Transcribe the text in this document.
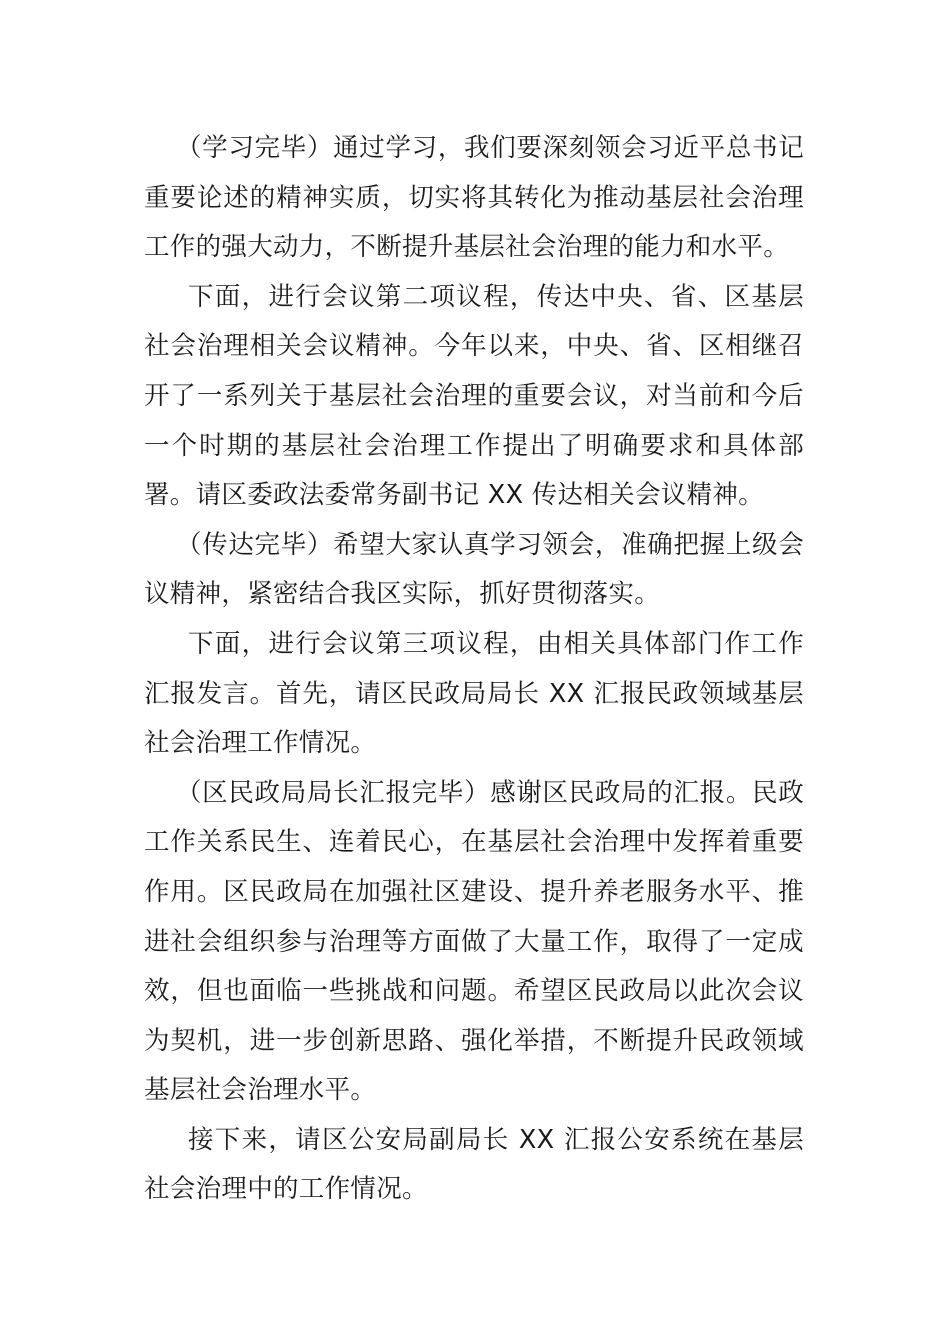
（学习完毕）通过学习，我们要深刻领会习近平总书记重要论述的精神实质，切实将其转化为推动基层社会治理工作的强大动力，不断提升基层社会治理的能力和水平。

下面，进行会议第二项议程，传达中央、省、区基层社会治理相关会议精神。今年以来，中央、省、区相继召开了一系列关于基层社会治理的重要会议，对当前和今后一个时期的基层社会治理工作提出了明确要求和具体部署。请区委政法委常务副书记 XX 传达相关会议精神。

（传达完毕）希望大家认真学习领会，准确把握上级会议精神，紧密结合我区实际，抓好贯彻落实。

下面，进行会议第三项议程，由相关具体部门作工作汇报发言。首先，请区民政局局长 XX 汇报民政领域基层社会治理工作情况。

（区民政局局长汇报完毕）感谢区民政局的汇报。民政工作关系民生、连着民心，在基层社会治理中发挥着重要作用。区民政局在加强社区建设、提升养老服务水平、推进社会组织参与治理等方面做了大量工作，取得了一定成效，但也面临一些挑战和问题。希望区民政局以此次会议为契机，进一步创新思路、强化举措，不断提升民政领域基层社会治理水平。

接下来，请区公安局副局长 XX 汇报公安系统在基层社会治理中的工作情况。
